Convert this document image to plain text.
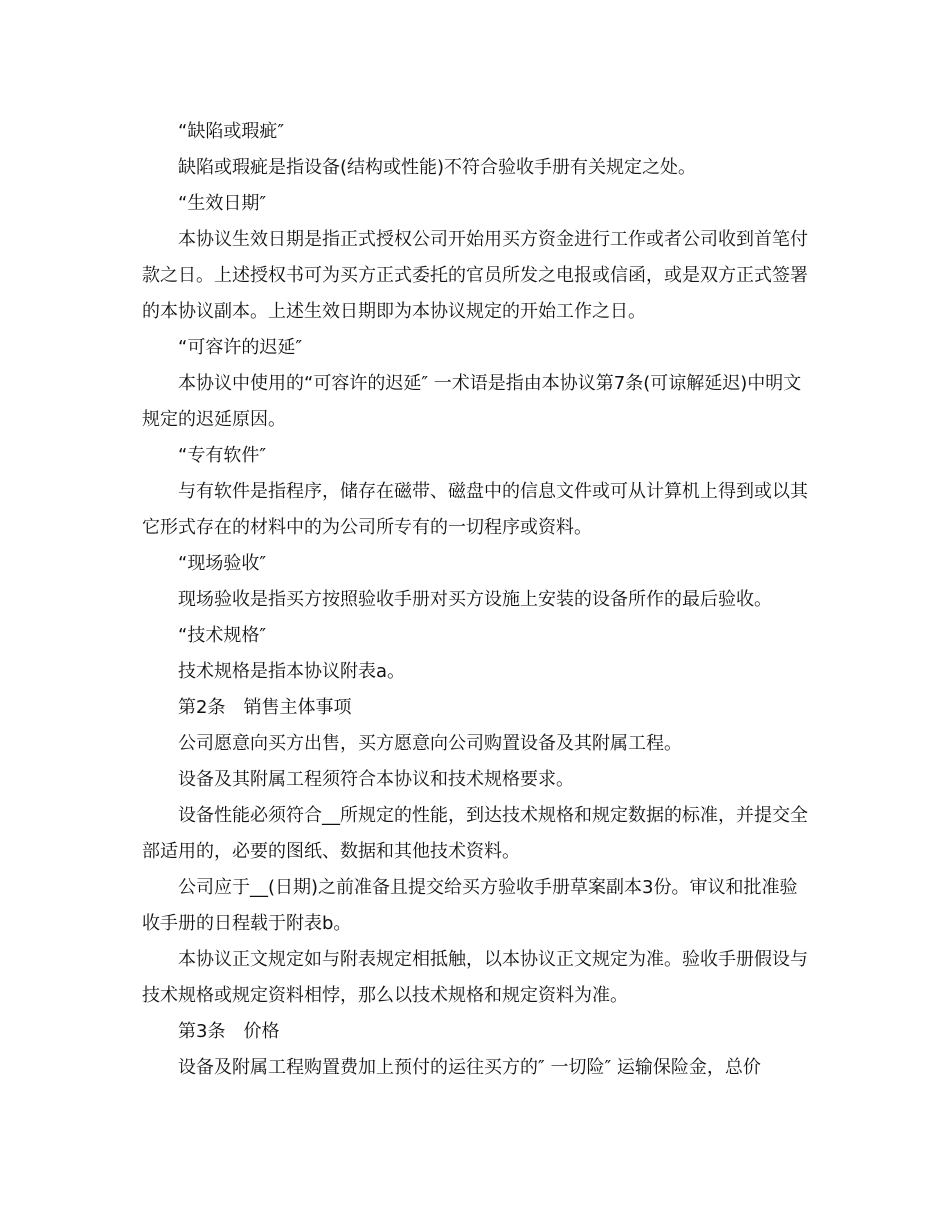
“缺陷或瑕疵″

缺陷或瑕疵是指设备(结构或性能)不符合验收手册有关规定之处。

“生效日期″

本协议生效日期是指正式授权公司开始用买方资金进行工作或者公司收到首笔付款之日。上述授权书可为买方正式委托的官员所发之电报或信函，或是双方正式签署的本协议副本。上述生效日期即为本协议规定的开始工作之日。

“可容许的迟延″

本协议中使用的“可容许的迟延″ 一术语是指由本协议第7条(可谅解延迟)中明文规定的迟延原因。

“专有软件″

与有软件是指程序，储存在磁带、磁盘中的信息文件或可从计算机上得到或以其它形式存在的材料中的为公司所专有的一切程序或资料。

“现场验收″

现场验收是指买方按照验收手册对买方设施上安装的设备所作的最后验收。

“技术规格″

技术规格是指本协议附表a。

第2条　销售主体事项

公司愿意向买方出售，买方愿意向公司购置设备及其附属工程。

设备及其附属工程须符合本协议和技术规格要求。

设备性能必须符合__所规定的性能，到达技术规格和规定数据的标准，并提交全部适用的，必要的图纸、数据和其他技术资料。

公司应于__(日期)之前准备且提交给买方验收手册草案副本3份。审议和批准验收手册的日程载于附表b。

本协议正文规定如与附表规定相抵触，以本协议正文规定为准。验收手册假设与技术规格或规定资料相悖，那么以技术规格和规定资料为准。

第3条　价格

设备及附属工程购置费加上预付的运往买方的″ 一切险″ 运输保险金，总价
